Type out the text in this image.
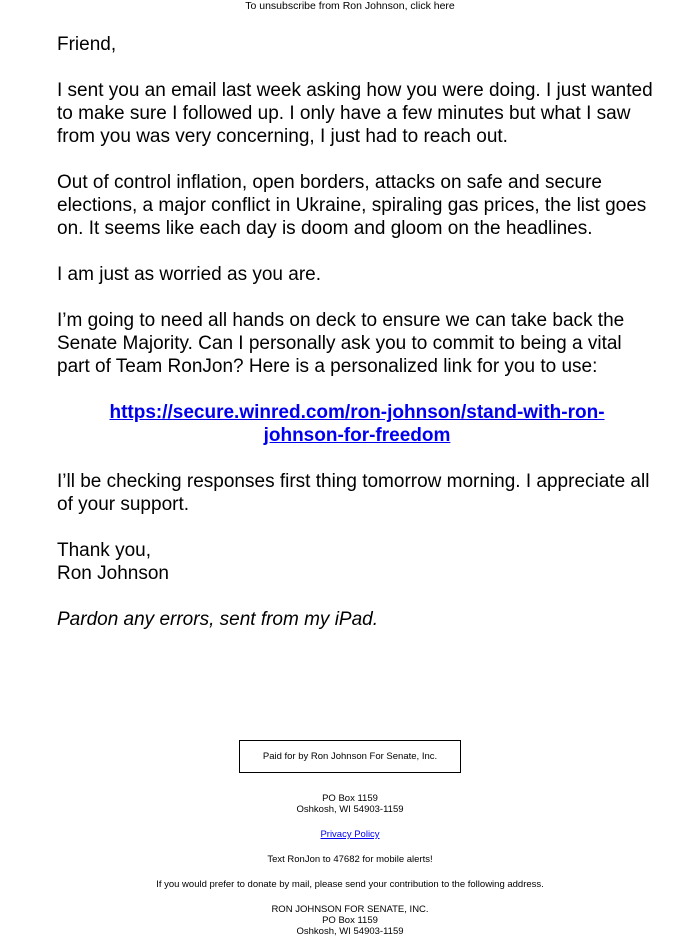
To unsubscribe from Ron Johnson, click here

Friend,

I sent you an email last week asking how you were doing. I just wanted to make sure I followed up. I only have a few minutes but what I saw from you was very concerning, I just had to reach out.

Out of control inflation, open borders, attacks on safe and secure elections, a major conflict in Ukraine, spiraling gas prices, the list goes on. It seems like each day is doom and gloom on the headlines.

I am just as worried as you are.

I’m going to need all hands on deck to ensure we can take back the Senate Majority. Can I personally ask you to commit to being a vital part of Team RonJon? Here is a personalized link for you to use:

https://secure.winred.com/ron-johnson/stand-with-ron-johnson-for-freedom

I’ll be checking responses first thing tomorrow morning. I appreciate all of your support.

Thank you,
Ron Johnson

Pardon any errors, sent from my iPad.

Paid for by Ron Johnson For Senate, Inc.
PO Box 1159
Oshkosh, WI 54903-1159
Privacy Policy
Text RonJon to 47682 for mobile alerts!
If you would prefer to donate by mail, please send your contribution to the following address.
RON JOHNSON FOR SENATE, INC.
PO Box 1159
Oshkosh, WI 54903-1159
